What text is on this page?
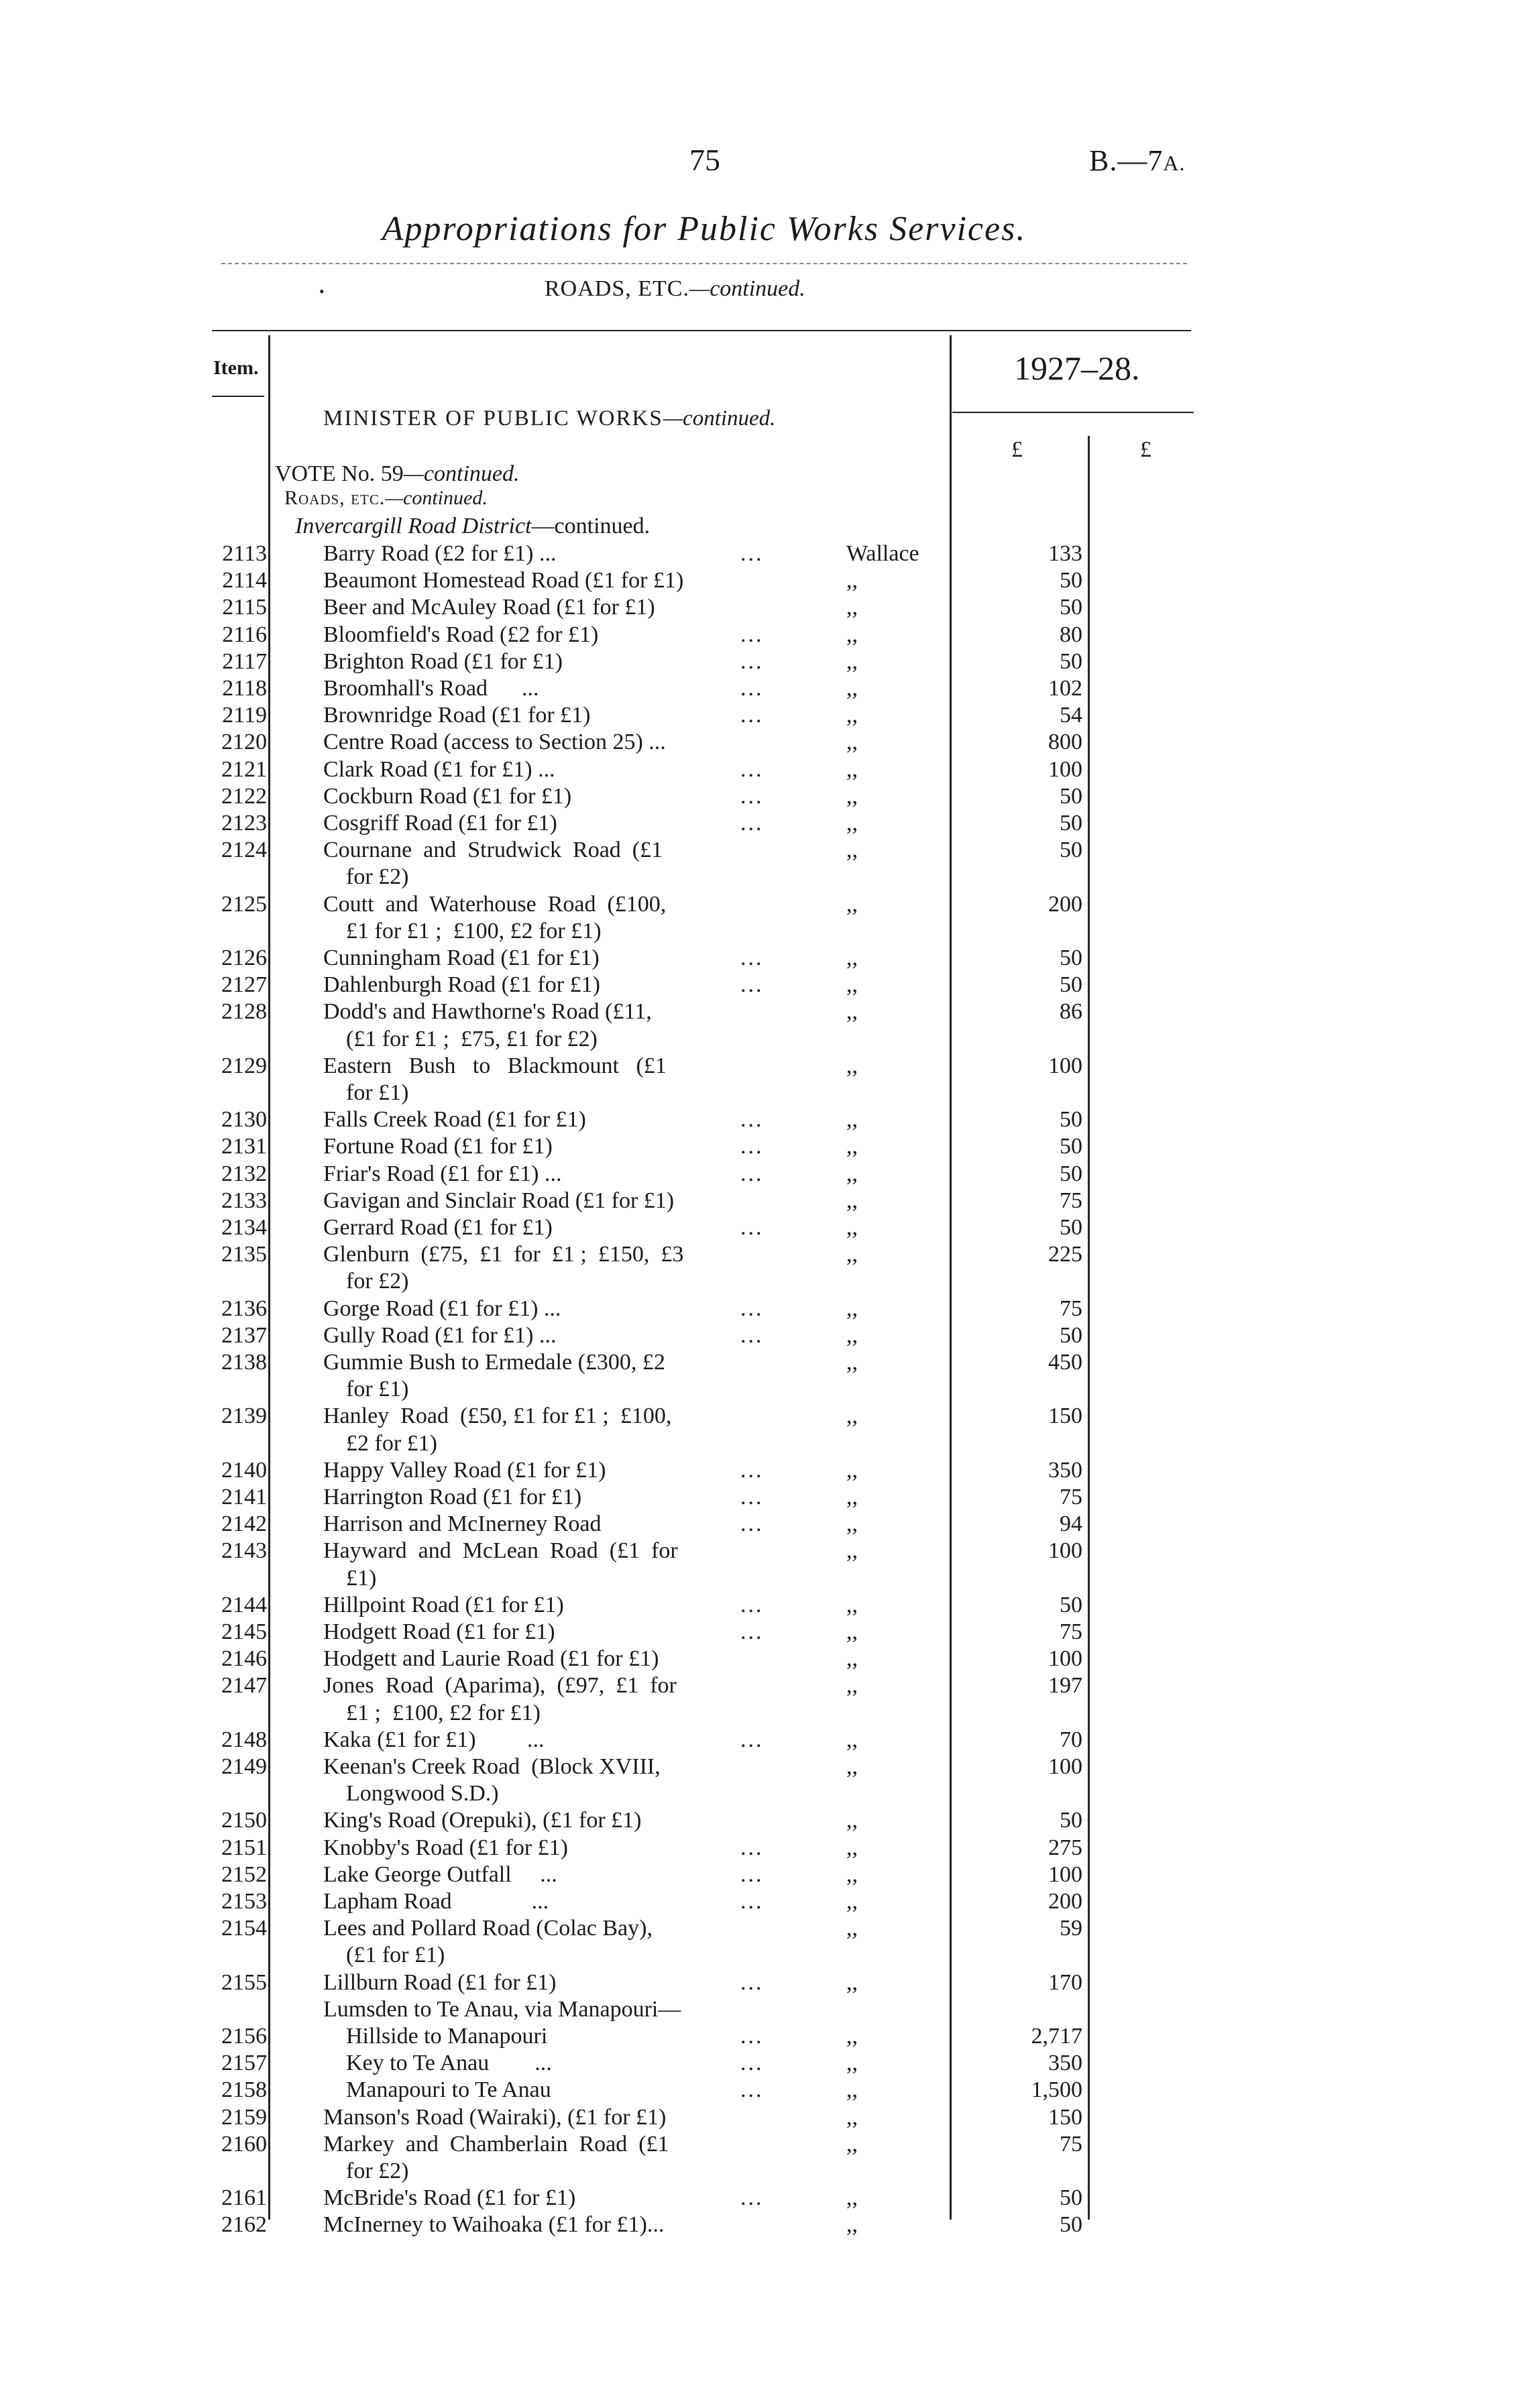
75	B.—7A.
Appropriations for Public Works Services.
•	ROADS, ETC.—continued.
Item.	1927–28.
MINISTER OF PUBLIC WORKS—continued.
£	£
VOTE No. 59—continued.
Roads, etc.—continued.
Invercargill Road District—continued.
2113 Barry Road (£2 for £1) ...	...	Wallace	133
2114 Beaumont Homestead Road (£1 for £1)	,,	50
2115 Beer and McAuley Road (£1 for £1)	,,	50
2116 Bloomfield's Road (£2 for £1)	...	,,	80
2117 Brighton Road (£1 for £1)	...	,,	50
2118 Broomhall's Road      ...	...	,,	102
2119 Brownridge Road (£1 for £1)	...	,,	54
2120 Centre Road (access to Section 25) ...	,,	800
2121 Clark Road (£1 for £1) ...	...	,,	100
2122 Cockburn Road (£1 for £1)	...	,,	50
2123 Cosgriff Road (£1 for £1)	...	,,	50
2124 Cournane  and  Strudwick  Road  (£1	,,	50
for £2)
2125 Coutt  and  Waterhouse  Road  (£100,	,,	200
£1 for £1 ;  £100, £2 for £1)
2126 Cunningham Road (£1 for £1)	...	,,	50
2127 Dahlenburgh Road (£1 for £1)	...	,,	50
2128 Dodd's and Hawthorne's Road (£11,	,,	86
(£1 for £1 ;  £75, £1 for £2)
2129 Eastern   Bush   to   Blackmount   (£1	,,	100
for £1)
2130 Falls Creek Road (£1 for £1)	...	,,	50
2131 Fortune Road (£1 for £1)	...	,,	50
2132 Friar's Road (£1 for £1) ...	...	,,	50
2133 Gavigan and Sinclair Road (£1 for £1)	,,	75
2134 Gerrard Road (£1 for £1)	...	,,	50
2135 Glenburn  (£75,  £1  for  £1 ;  £150,  £3	,,	225
for £2)
2136 Gorge Road (£1 for £1) ...	...	,,	75
2137 Gully Road (£1 for £1) ...	...	,,	50
2138 Gummie Bush to Ermedale (£300, £2	,,	450
for £1)
2139 Hanley  Road  (£50, £1 for £1 ;  £100,	,,	150
£2 for £1)
2140 Happy Valley Road (£1 for £1)	...	,,	350
2141 Harrington Road (£1 for £1)	...	,,	75
2142 Harrison and McInerney Road	...	,,	94
2143 Hayward  and  McLean  Road  (£1  for	,,	100
£1)
2144 Hillpoint Road (£1 for £1)	...	,,	50
2145 Hodgett Road (£1 for £1)	...	,,	75
2146 Hodgett and Laurie Road (£1 for £1)	,,	100
2147 Jones  Road  (Aparima),  (£97,  £1  for	,,	197
£1 ;  £100, £2 for £1)
2148 Kaka (£1 for £1)         ...	...	,,	70
2149 Keenan's Creek Road  (Block XVIII,	,,	100
Longwood S.D.)
2150 King's Road (Orepuki), (£1 for £1)	,,	50
2151 Knobby's Road (£1 for £1)	...	,,	275
2152 Lake George Outfall     ...	...	,,	100
2153 Lapham Road              ...	...	,,	200
2154 Lees and Pollard Road (Colac Bay),	,,	59
(£1 for £1)
2155 Lillburn Road (£1 for £1)	...	,,	170
Lumsden to Te Anau, via Manapouri—
2156 Hillside to Manapouri	...	,,	2,717
2157 Key to Te Anau        ...	...	,,	350
2158 Manapouri to Te Anau	...	,,	1,500
2159 Manson's Road (Wairaki), (£1 for £1)	,,	150
2160 Markey  and  Chamberlain  Road  (£1	,,	75
for £2)
2161 McBride's Road (£1 for £1)	...	,,	50
2162 McInerney to Waihoaka (£1 for £1)...	,,	50
